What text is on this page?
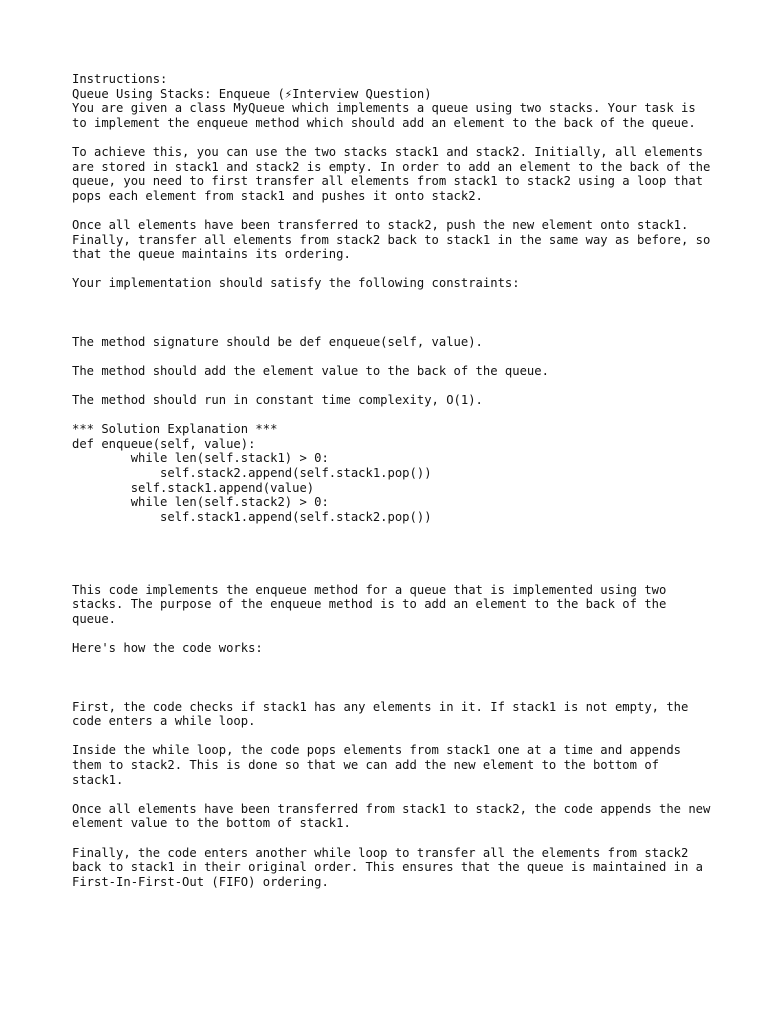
Instructions:

Queue Using Stacks: Enqueue (⚡Interview Question)

You are given a class MyQueue which implements a queue using two stacks. Your task is to implement the enqueue method which should add an element to the back of the queue.

To achieve this, you can use the two stacks stack1 and stack2. Initially, all elements are stored in stack1 and stack2 is empty. In order to add an element to the back of the queue, you need to first transfer all elements from stack1 to stack2 using a loop that pops each element from stack1 and pushes it onto stack2.

Once all elements have been transferred to stack2, push the new element onto stack1. Finally, transfer all elements from stack2 back to stack1 in the same way as before, so that the queue maintains its ordering.

Your implementation should satisfy the following constraints:

The method signature should be def enqueue(self, value).

The method should add the element value to the back of the queue.

The method should run in constant time complexity, O(1).

*** Solution Explanation ***

def enqueue(self, value):
while len(self.stack1) > 0:
self.stack2.append(self.stack1.pop())
self.stack1.append(value)
while len(self.stack2) > 0:
self.stack1.append(self.stack2.pop())

This code implements the enqueue method for a queue that is implemented using two stacks. The purpose of the enqueue method is to add an element to the back of the queue.

Here's how the code works:

First, the code checks if stack1 has any elements in it. If stack1 is not empty, the code enters a while loop.

Inside the while loop, the code pops elements from stack1 one at a time and appends them to stack2. This is done so that we can add the new element to the bottom of stack1.

Once all elements have been transferred from stack1 to stack2, the code appends the new element value to the bottom of stack1.

Finally, the code enters another while loop to transfer all the elements from stack2 back to stack1 in their original order. This ensures that the queue is maintained in a First-In-First-Out (FIFO) ordering.
